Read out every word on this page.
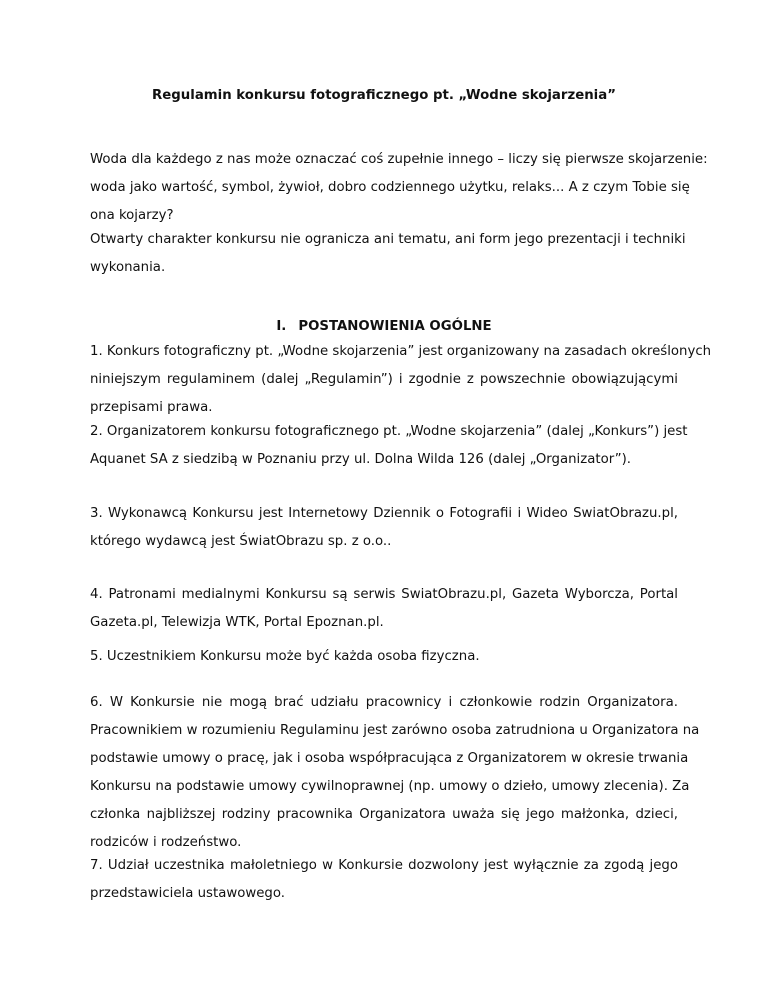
Regulamin konkursu fotograficznego pt. „Wodne skojarzenia”
Woda dla każdego z nas może oznaczać coś zupełnie innego – liczy się pierwsze skojarzenie:
woda jako wartość, symbol, żywioł, dobro codziennego użytku, relaks... A z czym Tobie się
ona kojarzy?
Otwarty charakter konkursu nie ogranicza ani tematu, ani form jego prezentacji i techniki
wykonania.
I. POSTANOWIENIA OGÓLNE
1. Konkurs fotograficzny pt. „Wodne skojarzenia” jest organizowany na zasadach określonych
niniejszym regulaminem (dalej „Regulamin”) i zgodnie z powszechnie obowiązującymi
przepisami prawa.
2. Organizatorem konkursu fotograficznego pt. „Wodne skojarzenia” (dalej „Konkurs”) jest
Aquanet SA z siedzibą w Poznaniu przy ul. Dolna Wilda 126 (dalej „Organizator”).
3. Wykonawcą Konkursu jest Internetowy Dziennik o Fotografii i Wideo SwiatObrazu.pl,
którego wydawcą jest ŚwiatObrazu sp. z o.o..
4. Patronami medialnymi Konkursu są serwis SwiatObrazu.pl, Gazeta Wyborcza, Portal
Gazeta.pl, Telewizja WTK, Portal Epoznan.pl.
5. Uczestnikiem Konkursu może być każda osoba fizyczna.
6. W Konkursie nie mogą brać udziału pracownicy i członkowie rodzin Organizatora.
Pracownikiem w rozumieniu Regulaminu jest zarówno osoba zatrudniona u Organizatora na
podstawie umowy o pracę, jak i osoba współpracująca z Organizatorem w okresie trwania
Konkursu na podstawie umowy cywilnoprawnej (np. umowy o dzieło, umowy zlecenia). Za
członka najbliższej rodziny pracownika Organizatora uważa się jego małżonka, dzieci,
rodziców i rodzeństwo.
7. Udział uczestnika małoletniego w Konkursie dozwolony jest wyłącznie za zgodą jego
przedstawiciela ustawowego.
